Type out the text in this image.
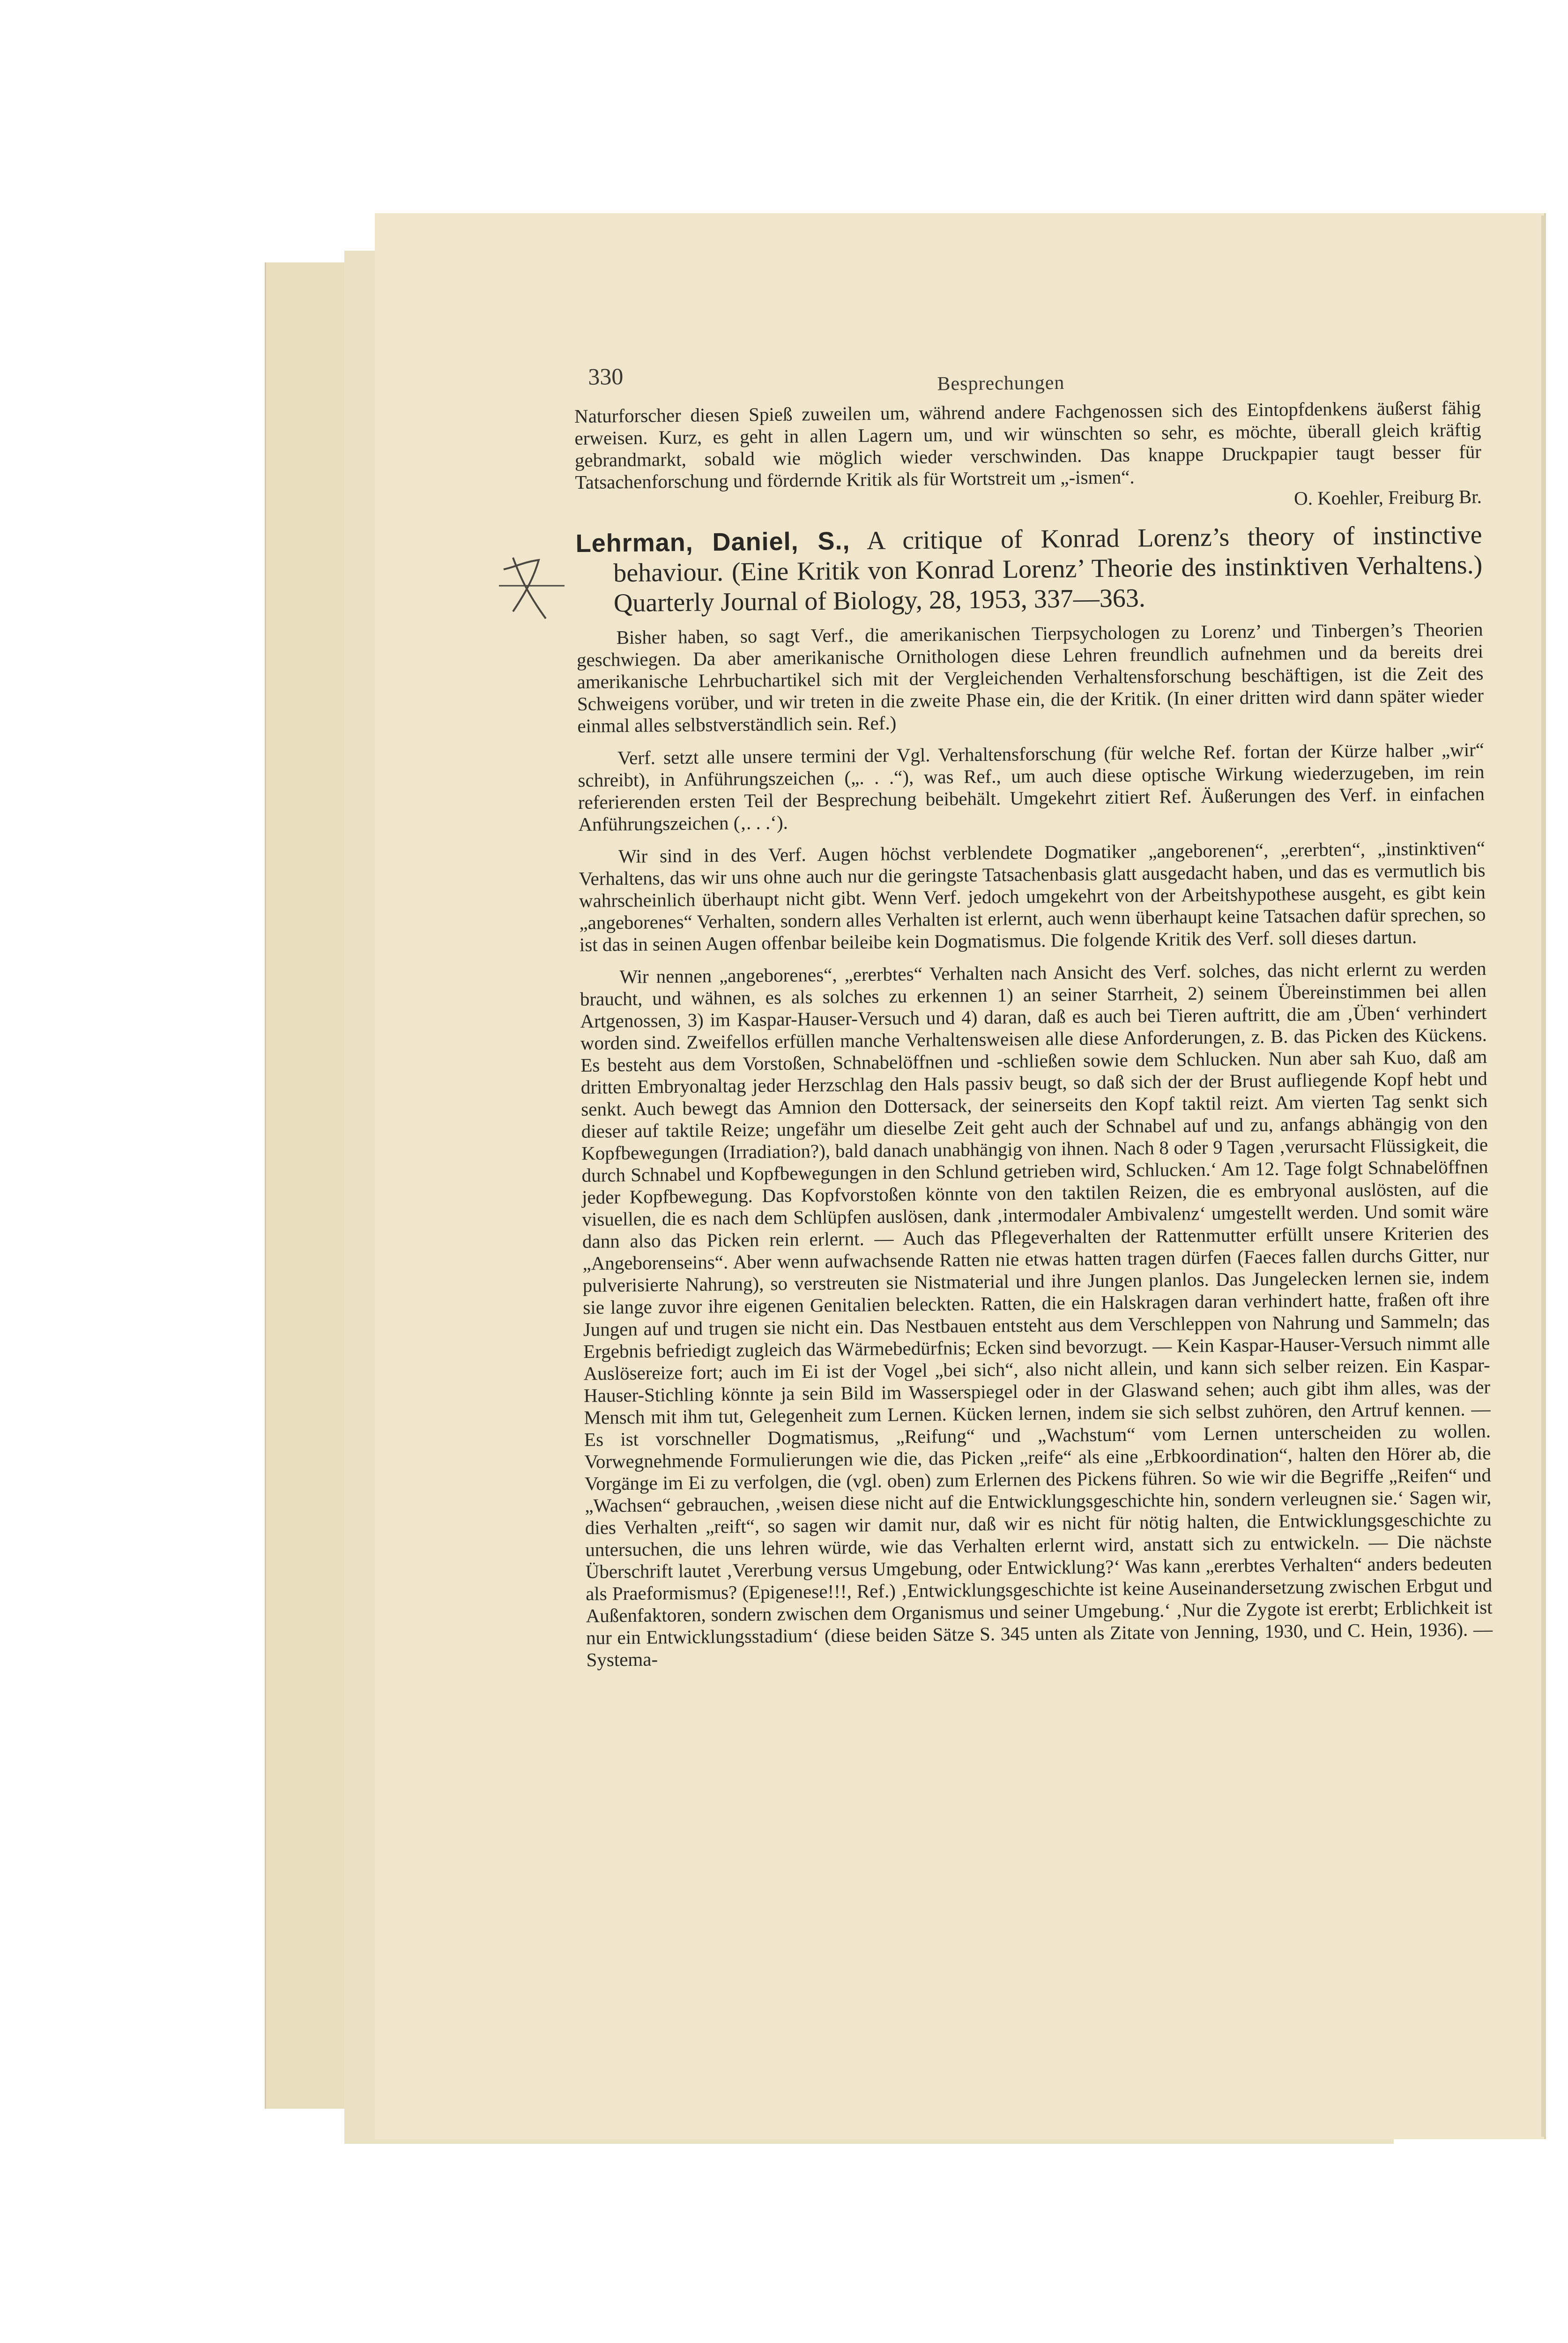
330	Besprechungen

Naturforscher diesen Spieß zuweilen um, während andere Fachgenossen sich des Eintopfdenkens äußerst fähig erweisen. Kurz, es geht in allen Lagern um, und wir wünschten so sehr, es möchte, überall gleich kräftig gebrandmarkt, sobald wie möglich wieder verschwinden. Das knappe Druckpapier taugt besser für Tatsachenforschung und fördernde Kritik als für Wortstreit um „-ismen“.

O. Koehler, Freiburg Br.

Lehrman, Daniel, S., A critique of Konrad Lorenz’s theory of instinctive behaviour. (Eine Kritik von Konrad Lorenz’ Theorie des instinktiven Verhaltens.) Quarterly Journal of Biology, 28, 1953, 337—363.

Bisher haben, so sagt Verf., die amerikanischen Tierpsychologen zu Lorenz’ und Tinbergen’s Theorien geschwiegen. Da aber amerikanische Ornithologen diese Lehren freundlich aufnehmen und da bereits drei amerikanische Lehrbuchartikel sich mit der Vergleichenden Verhaltensforschung beschäftigen, ist die Zeit des Schweigens vorüber, und wir treten in die zweite Phase ein, die der Kritik. (In einer dritten wird dann später wieder einmal alles selbstverständlich sein. Ref.)

Verf. setzt alle unsere termini der Vgl. Verhaltensforschung (für welche Ref. fortan der Kürze halber „wir“ schreibt), in Anführungszeichen („. . .“), was Ref., um auch diese optische Wirkung wiederzugeben, im rein referierenden ersten Teil der Besprechung beibehält. Umgekehrt zitiert Ref. Äußerungen des Verf. in einfachen Anführungszeichen (‚. . .‘).

Wir sind in des Verf. Augen höchst verblendete Dogmatiker „angeborenen“, „ererbten“, „instinktiven“ Verhaltens, das wir uns ohne auch nur die geringste Tatsachenbasis glatt ausgedacht haben, und das es vermutlich bis wahrscheinlich überhaupt nicht gibt. Wenn Verf. jedoch umgekehrt von der Arbeitshypothese ausgeht, es gibt kein „angeborenes“ Verhalten, sondern alles Verhalten ist erlernt, auch wenn überhaupt keine Tatsachen dafür sprechen, so ist das in seinen Augen offenbar beileibe kein Dogmatismus. Die folgende Kritik des Verf. soll dieses dartun.

Wir nennen „angeborenes“, „ererbtes“ Verhalten nach Ansicht des Verf. solches, das nicht erlernt zu werden braucht, und wähnen, es als solches zu erkennen 1) an seiner Starrheit, 2) seinem Übereinstimmen bei allen Artgenossen, 3) im Kaspar-Hauser-Versuch und 4) daran, daß es auch bei Tieren auftritt, die am ‚Üben‘ verhindert worden sind. Zweifellos erfüllen manche Verhaltensweisen alle diese Anforderungen, z. B. das Picken des Kückens. Es besteht aus dem Vorstoßen, Schnabelöffnen und -schließen sowie dem Schlucken. Nun aber sah Kuo, daß am dritten Embryonaltag jeder Herzschlag den Hals passiv beugt, so daß sich der der Brust aufliegende Kopf hebt und senkt. Auch bewegt das Amnion den Dottersack, der seinerseits den Kopf taktil reizt. Am vierten Tag senkt sich dieser auf taktile Reize; ungefähr um dieselbe Zeit geht auch der Schnabel auf und zu, anfangs abhängig von den Kopfbewegungen (Irradiation?), bald danach unabhängig von ihnen. Nach 8 oder 9 Tagen ‚verursacht Flüssigkeit, die durch Schnabel und Kopfbewegungen in den Schlund getrieben wird, Schlucken.‘ Am 12. Tage folgt Schnabelöffnen jeder Kopfbewegung. Das Kopfvorstoßen könnte von den taktilen Reizen, die es embryonal auslösten, auf die visuellen, die es nach dem Schlüpfen auslösen, dank ‚intermodaler Ambivalenz‘ umgestellt werden. Und somit wäre dann also das Picken rein erlernt. — Auch das Pflegeverhalten der Rattenmutter erfüllt unsere Kriterien des „Angeborenseins“. Aber wenn aufwachsende Ratten nie etwas hatten tragen dürfen (Faeces fallen durchs Gitter, nur pulverisierte Nahrung), so verstreuten sie Nistmaterial und ihre Jungen planlos. Das Jungelecken lernen sie, indem sie lange zuvor ihre eigenen Genitalien beleckten. Ratten, die ein Halskragen daran verhindert hatte, fraßen oft ihre Jungen auf und trugen sie nicht ein. Das Nestbauen entsteht aus dem Verschleppen von Nahrung und Sammeln; das Ergebnis befriedigt zugleich das Wärmebedürfnis; Ecken sind bevorzugt. — Kein Kaspar-Hauser-Versuch nimmt alle Auslösereize fort; auch im Ei ist der Vogel „bei sich“, also nicht allein, und kann sich selber reizen. Ein Kaspar-Hauser-Stichling könnte ja sein Bild im Wasserspiegel oder in der Glaswand sehen; auch gibt ihm alles, was der Mensch mit ihm tut, Gelegenheit zum Lernen. Kücken lernen, indem sie sich selbst zuhören, den Artruf kennen. — Es ist vorschneller Dogmatismus, „Reifung“ und „Wachstum“ vom Lernen unterscheiden zu wollen. Vorwegnehmende Formulierungen wie die, das Picken „reife“ als eine „Erbkoordination“, halten den Hörer ab, die Vorgänge im Ei zu verfolgen, die (vgl. oben) zum Erlernen des Pickens führen. So wie wir die Begriffe „Reifen“ und „Wachsen“ gebrauchen, ‚weisen diese nicht auf die Entwicklungsgeschichte hin, sondern verleugnen sie.‘ Sagen wir, dies Verhalten „reift“, so sagen wir damit nur, daß wir es nicht für nötig halten, die Entwicklungsgeschichte zu untersuchen, die uns lehren würde, wie das Verhalten erlernt wird, anstatt sich zu entwickeln. — Die nächste Überschrift lautet ‚Vererbung versus Umgebung, oder Entwicklung?‘ Was kann „ererbtes Verhalten“ anders bedeuten als Praeformismus? (Epigenese!!!, Ref.) ‚Entwicklungsgeschichte ist keine Auseinandersetzung zwischen Erbgut und Außenfaktoren, sondern zwischen dem Organismus und seiner Umgebung.‘ ‚Nur die Zygote ist ererbt; Erblichkeit ist nur ein Entwicklungsstadium‘ (diese beiden Sätze S. 345 unten als Zitate von Jenning, 1930, und C. Hein, 1936). — Systema-
